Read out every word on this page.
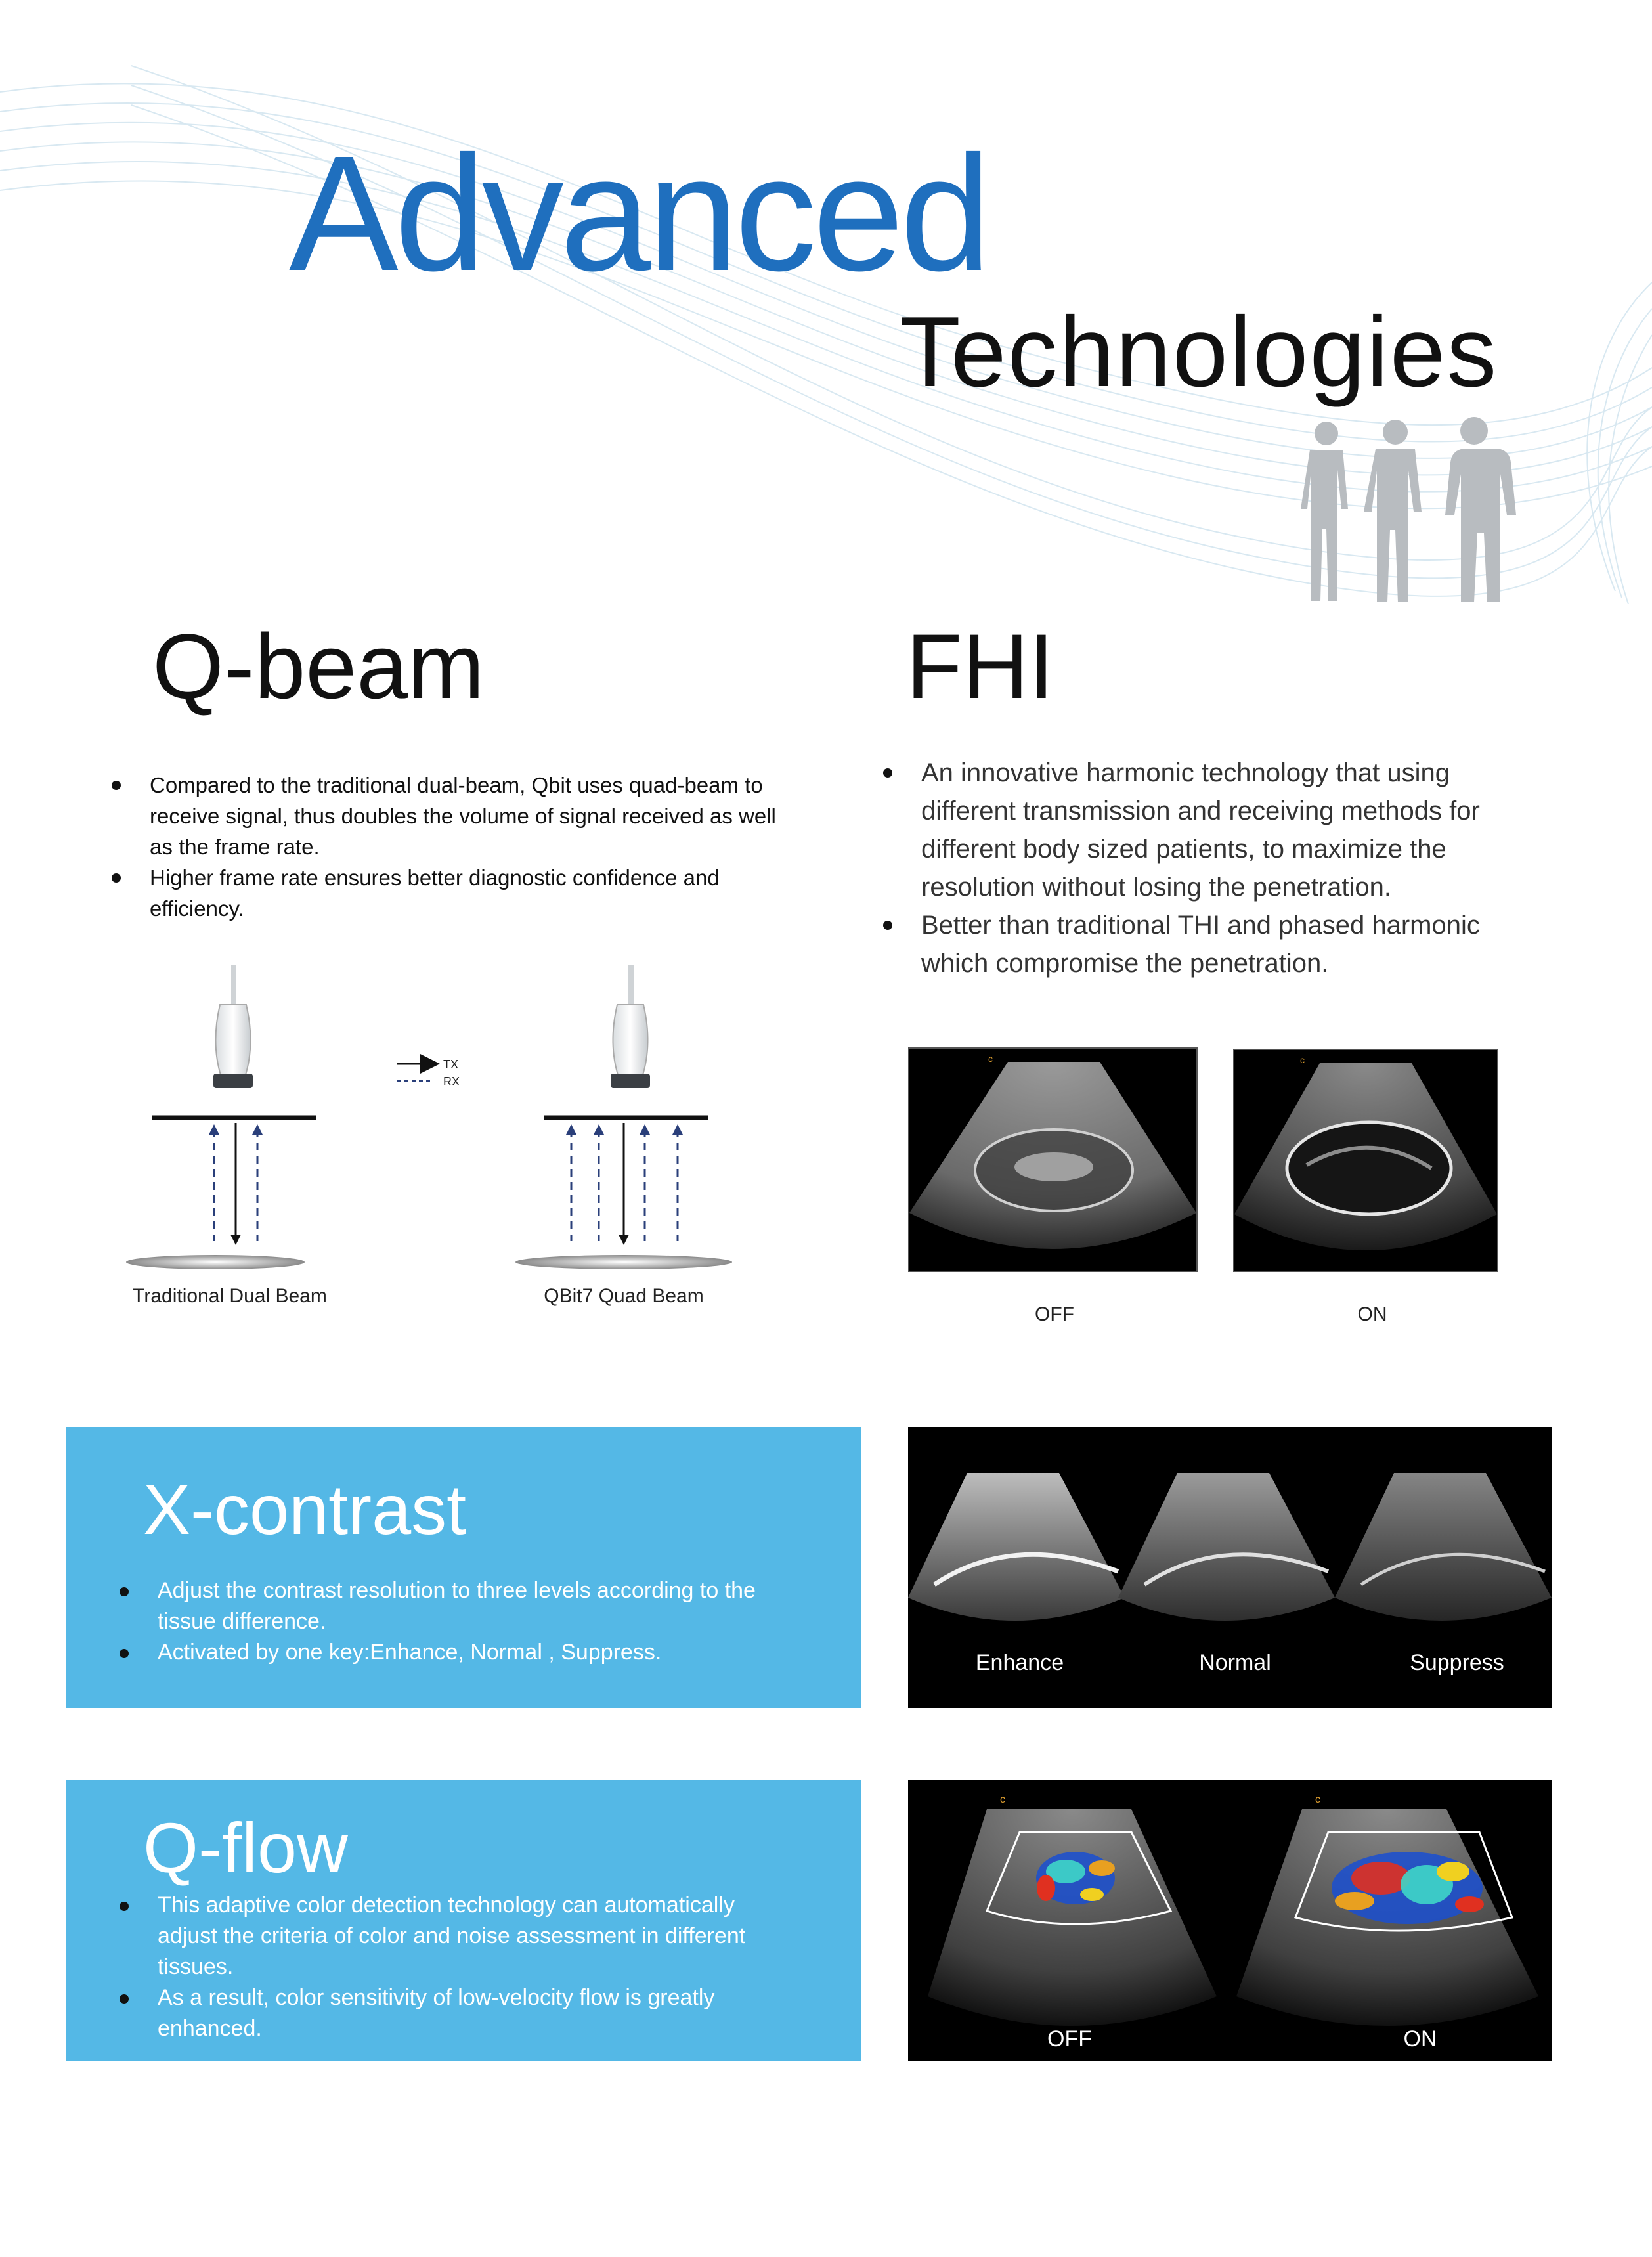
Advanced
Technologies
Q-beam	FHI
Compared to the traditional dual-beam, Qbit uses quad-beam to receive signal, thus doubles the volume of signal received as well as the frame rate.
Higher frame rate ensures better diagnostic confidence and efficiency.
An innovative harmonic technology that using different transmission and receiving methods for different body sized patients, to maximize the resolution without losing the penetration.
Better than traditional THI and phased harmonic which compromise the penetration.
TX
RX
Traditional Dual Beam	QBit7 Quad Beam
c	c
OFF	ON
X-contrast
Adjust the contrast resolution to three levels according to the tissue difference.
Activated by one key:Enhance, Normal , Suppress.	Enhance	Normal	Suppress
Q-flow
This adaptive color detection technology can automatically adjust the criteria of color and noise assessment in different tissues.
As a result, color sensitivity of low-velocity flow is greatly enhanced.
c	c
OFF	ON
